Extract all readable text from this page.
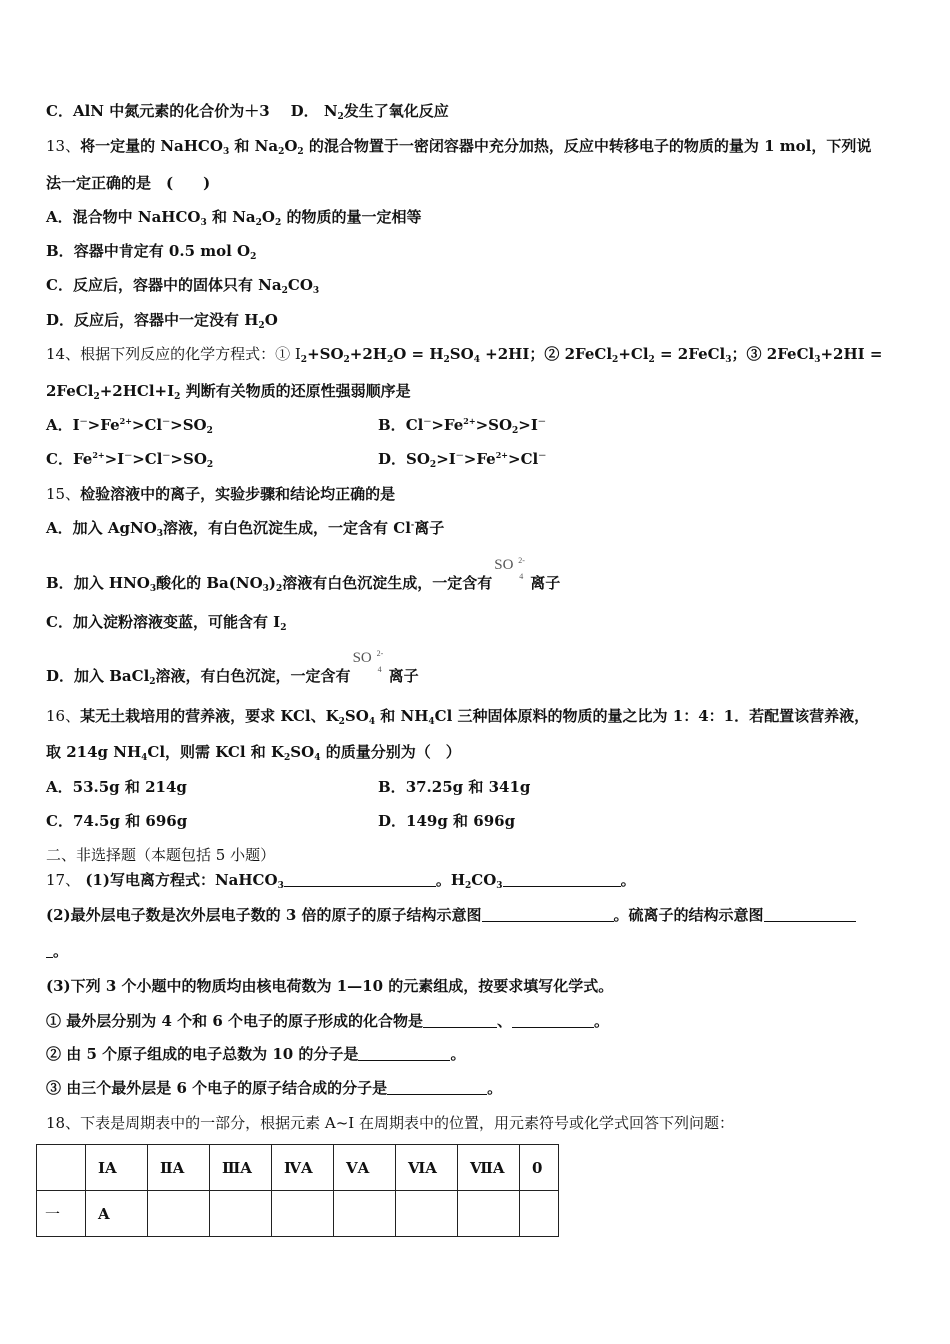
C．AlN 中氮元素的化合价为＋3 D． $N_2$发生了氧化反应
13、将一定量的 NaHCO$_3$ 和 $Na_2O_2$ 的混合物置于一密闭容器中充分加热，反应中转移电子的物质的量为 1 mol，下列说
法一定正确的是　(　　)
A．混合物中 NaHCO$_3$ 和 $Na_2O_2$ 的物质的量一定相等
B．容器中肯定有 0.5 mol $O_2$
C．反应后，容器中的固体只有 $Na_2CO_3$
D．反应后，容器中一定没有 $H_2O$
14、根据下列反应的化学方程式：① $I_2+SO_2+2H_2O = H_2SO_4 +2HI$；② $2FeCl_2+Cl_2$ = 2FeCl$_3$；③ 2FeCl$_3$+2HI =
$2FeCl_2+2HCl+I_2$ 判断有关物质的还原性强弱顺序是
A．$I^->Fe^{2+}>Cl^->SO_2$	B．$Cl^->Fe^{2+}>SO_2>I^-$
C．$Fe^{2+}>I^->Cl^->SO_2$	D．$SO_2>I^->Fe^{2+}>Cl^-$
15、检验溶液中的离子，实验步骤和结论均正确的是
A．加入 AgNO$_3$溶液，有白色沉淀生成，一定含有 Cl-离子
B．加入 $HNO_3$酸化的 $Ba(NO_3)_2$溶液有白色沉淀生成，一定含有
SO 2-
4 离子
C．加入淀粉溶液变蓝，可能含有 $I_2$
D．加入 BaCl$_2$溶液，有白色沉淀，一定含有
SO 2-
4 离子
16、某无土栽培用的营养液，要求 KCl、$K_2SO_4$ 和 $NH_4Cl$ 三种固体原料的物质的量之比为 1：4：1．若配置该营养液，
取 214g $NH_4Cl$，则需 KCl 和 $K_2SO_4$ 的质量分别为（　）
A．53.5g 和 214g	B．37.25g 和 341g
C．74.5g 和 696g	D．149g 和 696g
二、非选择题（本题包括 5 小题）
17、 (1)写电离方程式：NaHCO$_3$	。$H_2CO_3$	。
(2)最外层电子数是次外层电子数的 3 倍的原子的原子结构示意图	。硫离子的结构示意图
。
(3)下列 3 个小题中的物质均由核电荷数为 1—10 的元素组成，按要求填写化学式。
① 最外层分别为 4 个和 6 个电子的原子形成的化合物是	、	。
② 由 5 个原子组成的电子总数为 10 的分子是	。
③ 由三个最外层是 6 个电子的原子结合成的分子是	。
18、下表是周期表中的一部分，根据元素 A~I 在周期表中的位置，用元素符号或化学式回答下列问题：
	ⅠA	ⅡA	ⅢA	ⅣA	ⅤA	ⅥA	ⅦA	0
一	A							
